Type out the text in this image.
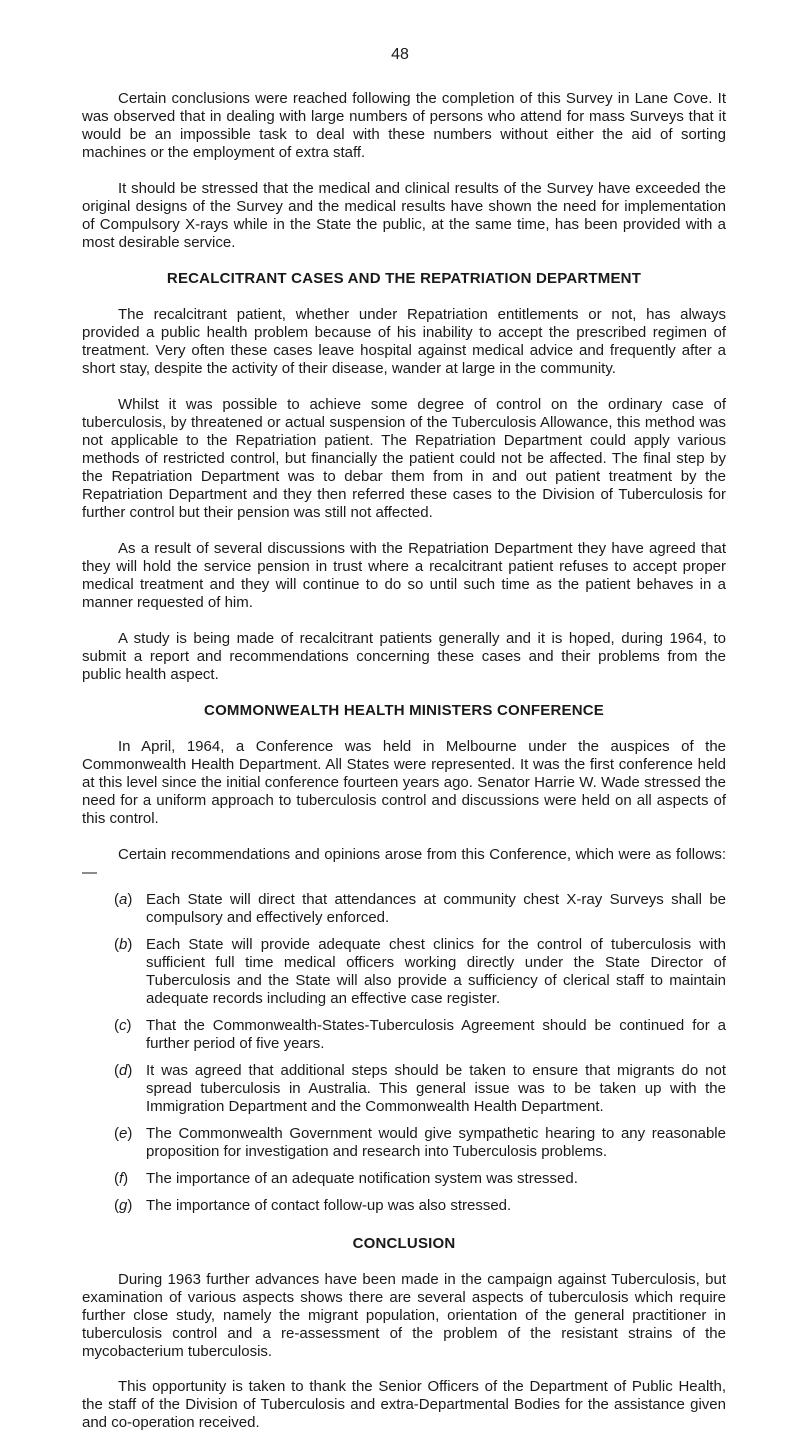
48

Certain conclusions were reached following the completion of this Survey in Lane Cove. It was observed that in dealing with large numbers of persons who attend for mass Surveys that it would be an impossible task to deal with these numbers without either the aid of sorting machines or the employment of extra staff.

It should be stressed that the medical and clinical results of the Survey have exceeded the original designs of the Survey and the medical results have shown the need for implementation of Compulsory X-rays while in the State the public, at the same time, has been provided with a most desirable service.

RECALCITRANT CASES AND THE REPATRIATION DEPARTMENT

The recalcitrant patient, whether under Repatriation entitlements or not, has always provided a public health problem because of his inability to accept the prescribed regimen of treatment. Very often these cases leave hospital against medical advice and frequently after a short stay, despite the activity of their disease, wander at large in the community.

Whilst it was possible to achieve some degree of control on the ordinary case of tuberculosis, by threatened or actual suspension of the Tuberculosis Allowance, this method was not applicable to the Repatriation patient. The Repatriation Department could apply various methods of restricted control, but financially the patient could not be affected. The final step by the Repatriation Department was to debar them from in and out patient treatment by the Repatriation Department and they then referred these cases to the Division of Tuberculosis for further control but their pension was still not affected.

As a result of several discussions with the Repatriation Department they have agreed that they will hold the service pension in trust where a recalcitrant patient refuses to accept proper medical treatment and they will continue to do so until such time as the patient behaves in a manner requested of him.

A study is being made of recalcitrant patients generally and it is hoped, during 1964, to submit a report and recommendations concerning these cases and their problems from the public health aspect.

COMMONWEALTH HEALTH MINISTERS CONFERENCE

In April, 1964, a Conference was held in Melbourne under the auspices of the Commonwealth Health Department. All States were represented. It was the first conference held at this level since the initial conference fourteen years ago. Senator Harrie W. Wade stressed the need for a uniform approach to tuberculosis control and discussions were held on all aspects of this control.

Certain recommendations and opinions arose from this Conference, which were as follows:—

(a) Each State will direct that attendances at community chest X-ray Surveys shall be compulsory and effectively enforced.
(b) Each State will provide adequate chest clinics for the control of tuberculosis with sufficient full time medical officers working directly under the State Director of Tuberculosis and the State will also provide a sufficiency of clerical staff to maintain adequate records including an effective case register.
(c) That the Commonwealth-States-Tuberculosis Agreement should be continued for a further period of five years.
(d) It was agreed that additional steps should be taken to ensure that migrants do not spread tuberculosis in Australia. This general issue was to be taken up with the Immigration Department and the Commonwealth Health Department.
(e) The Commonwealth Government would give sympathetic hearing to any reasonable proposition for investigation and research into Tuberculosis problems.
(f) The importance of an adequate notification system was stressed.
(g) The importance of contact follow-up was also stressed.
CONCLUSION

During 1963 further advances have been made in the campaign against Tuberculosis, but examination of various aspects shows there are several aspects of tuberculosis which require further close study, namely the migrant population, orientation of the general practitioner in tuberculosis control and a re-assessment of the problem of the resistant strains of the mycobacterium tuberculosis.

This opportunity is taken to thank the Senior Officers of the Department of Public Health, the staff of the Division of Tuberculosis and extra-Departmental Bodies for the assistance given and co-operation received.
